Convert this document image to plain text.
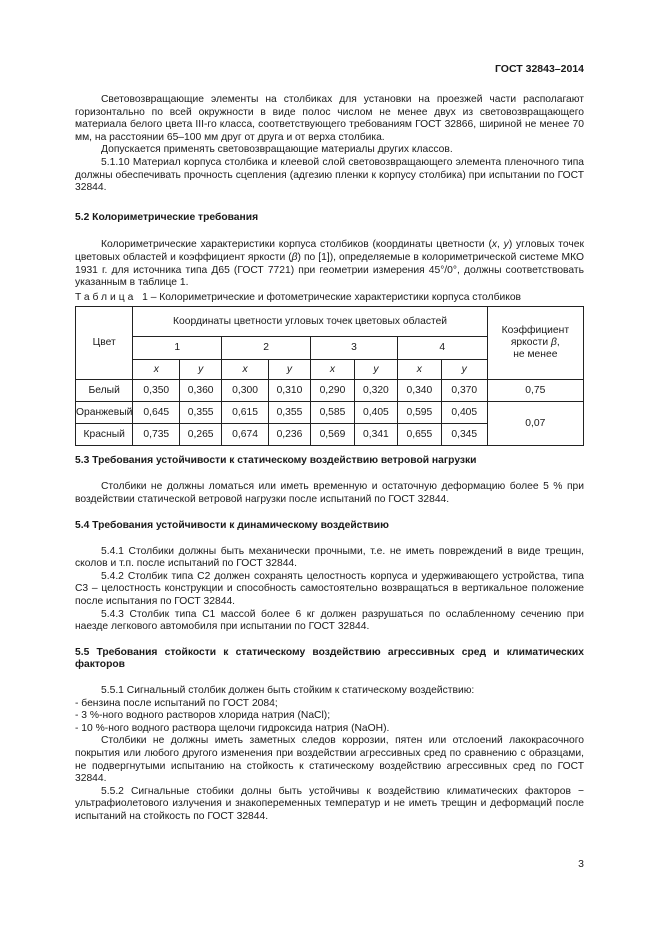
ГОСТ 32843–2014

Световозвращающие элементы на столбиках для установки на проезжей части располагают горизонтально по всей окружности в виде полос числом не менее двух из световозвращающего материала белого цвета III-го класса, соответствующего требованиям ГОСТ 32866, шириной не менее 70 мм, на расстоянии 65–100 мм друг от друга и от верха столбика.

Допускается применять световозвращающие материалы других классов.

5.1.10 Материал корпуса столбика и клеевой слой световозвращающего элемента пленочного типа должны обеспечивать прочность сцепления (адгезию пленки к корпусу столбика) при испытании по ГОСТ 32844.

5.2 Колориметрические требования

Колориметрические характеристики корпуса столбиков (координаты цветности (x, y) угловых точек цветовых областей и коэффициент яркости (β) по [1]), определяемые в колориметрической системе МКО 1931 г. для источника типа Д65 (ГОСТ 7721) при геометрии измерения 45°/0°, должны соответствовать указанным в таблице 1.

Таблица 1 – Колориметрические и фотометрические характеристики корпуса столбиков
Цвет	Координаты цветности угловых точек цветовых областей								Коэффициент
яркости β,
не менее
	1		2		3		4		
	x	y	x	y	x	y	x	y	
Белый	0,350	0,360	0,300	0,310	0,290	0,320	0,340	0,370	0,75
Оранжевый	0,645	0,355	0,615	0,355	0,585	0,405	0,595	0,405	0,07
Красный	0,735	0,265	0,674	0,236	0,569	0,341	0,655	0,345	
5.3 Требования устойчивости к статическому воздействию ветровой нагрузки

Столбики не должны ломаться или иметь временную и остаточную деформацию более 5 % при воздействии статической ветровой нагрузки после испытаний по ГОСТ 32844.

5.4 Требования устойчивости к динамическому воздействию

5.4.1 Столбики должны быть механически прочными, т.е. не иметь повреждений в виде трещин, сколов и т.п. после испытаний по ГОСТ 32844.

5.4.2 Столбик типа С2 должен сохранять целостность корпуса и удерживающего устройства, типа С3 – целостность конструкции и способность самостоятельно возвращаться в вертикальное положение после испытания по ГОСТ 32844.

5.4.3 Столбик типа С1 массой более 6 кг должен разрушаться по ослабленному сечению при наезде легкового автомобиля при испытании по ГОСТ 32844.

5.5 Требования стойкости к статическому воздействию агрессивных сред и климатических факторов

5.5.1 Сигнальный столбик должен быть стойким к статическому воздействию:

- бензина после испытаний по ГОСТ 2084;

- 3 %-ного водного растворов хлорида натрия (NaCl);

- 10 %-ного водного раствора щелочи гидроксида натрия (NaOH).

Столбики не должны иметь заметных следов коррозии, пятен или отслоений лакокрасочного покрытия или любого другого изменения при воздействии агрессивных сред по сравнению с образцами, не подвергнутыми испытанию на стойкость к статическому воздействию агрессивных сред по ГОСТ 32844.

5.5.2 Сигнальные стобики долны быть устойчивы к воздействию климатических факторов − ультрафиолетового излучения и знакопеременных температур и не иметь трещин и деформаций после испытаний на стойкость по ГОСТ 32844.

3
